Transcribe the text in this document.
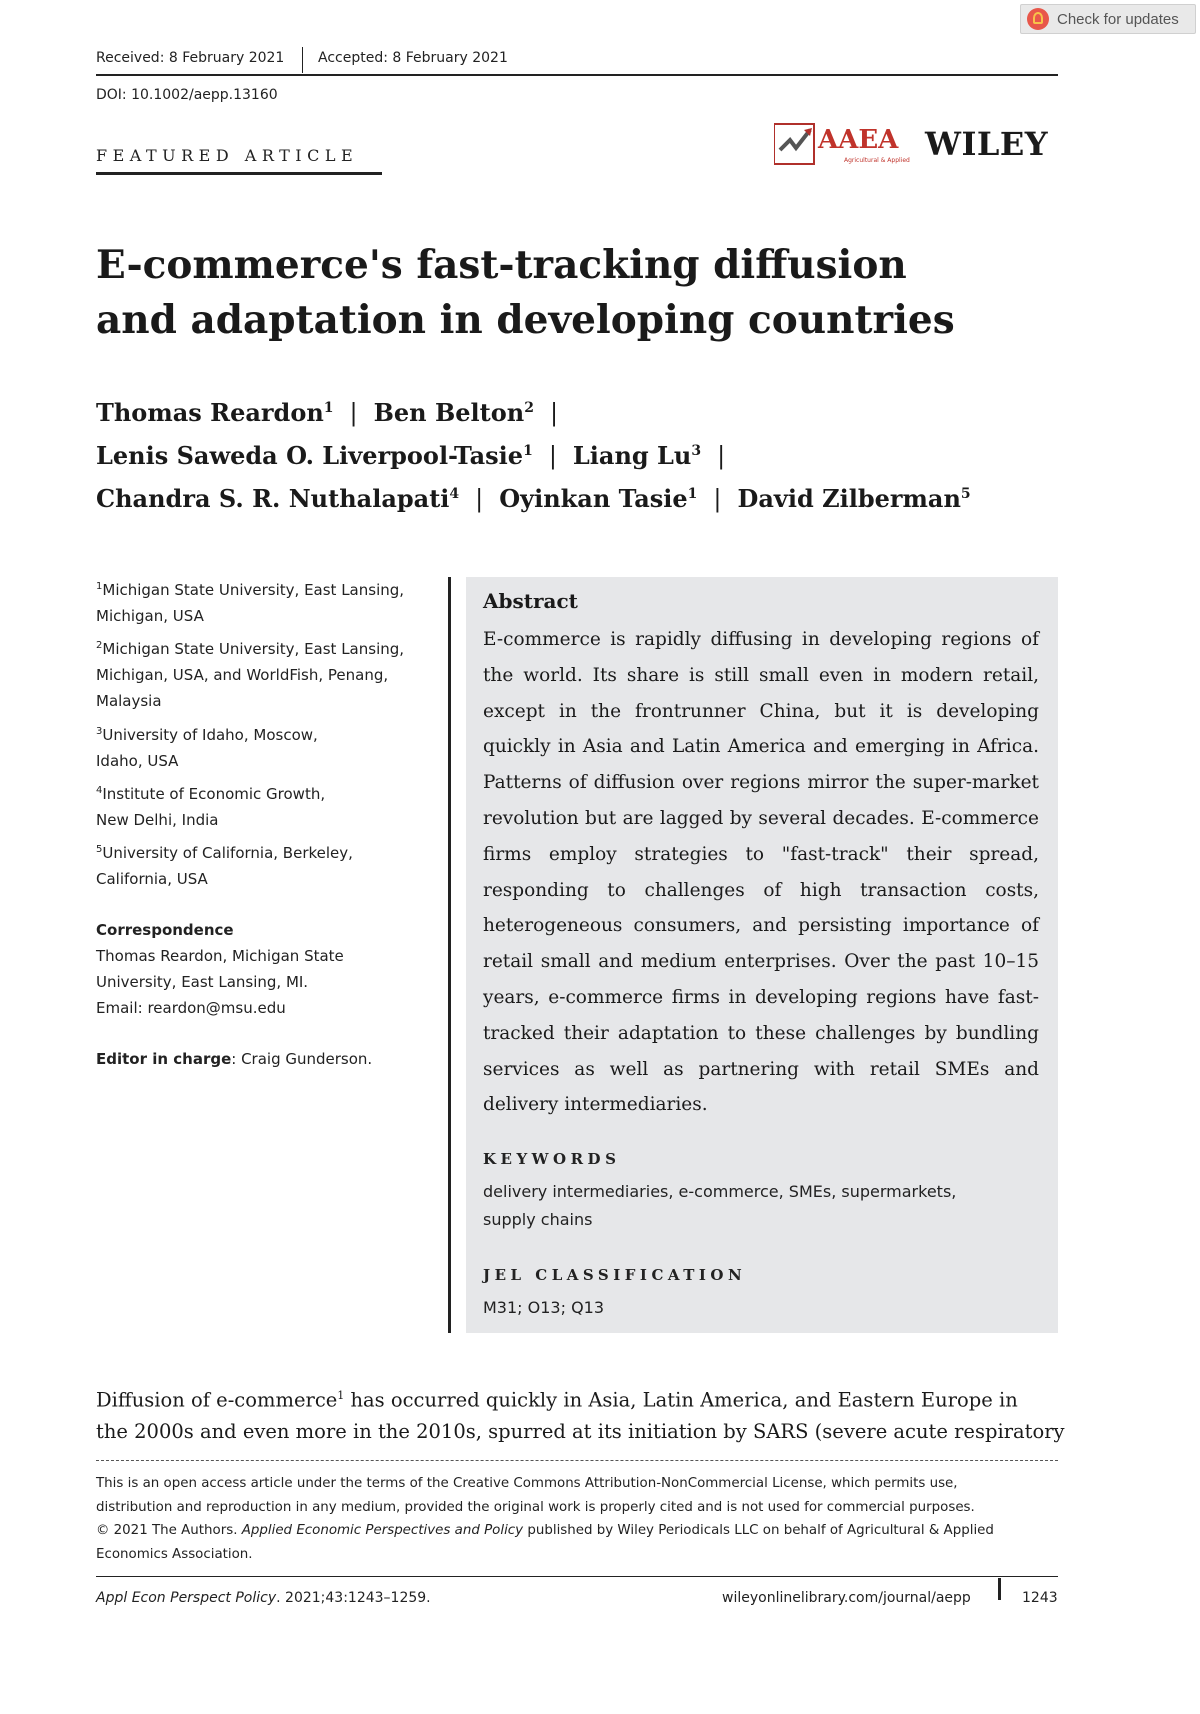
Check for updates
Received: 8 February 2021 Accepted: 8 February 2021
DOI: 10.1002/aepp.13160
FEATURED ARTICLE
AAEA
Agricultural & Applied WILEY
E-commerce's fast-tracking diffusion
and adaptation in developing countries
Thomas Reardon$^1$ | Ben Belton$^2$ |
Lenis Saweda O. Liverpool-Tasie$^1$ | Liang Lu$^3$ |
Chandra S. R. Nuthalapati$^4$ | Oyinkan Tasie$^1$ | David Zilberman$^5$
$^1$Michigan State University, East Lansing,
Michigan, USA
$^2$Michigan State University, East Lansing,
Michigan, USA, and WorldFish, Penang,
Malaysia
$^3$University of Idaho, Moscow,
Idaho, USA
$^4$Institute of Economic Growth,
New Delhi, India
$^5$University of California, Berkeley,
California, USA
Correspondence
Thomas Reardon, Michigan State
University, East Lansing, MI.
Email: reardon@msu.edu
Editor in charge: Craig Gunderson.
Abstract
E-commerce is rapidly diffusing in developing regions of the world. Its share is still small even in modern retail, except in the frontrunner China, but it is developing quickly in Asia and Latin America and emerging in Africa. Patterns of diffusion over regions mirror the super-market revolution but are lagged by several decades. E-commerce firms employ strategies to "fast-track" their spread, responding to challenges of high transaction costs, heterogeneous consumers, and persisting importance of retail small and medium enterprises. Over the past 10–15 years, e-commerce firms in developing regions have fast-tracked their adaptation to these challenges by bundling services as well as partnering with retail SMEs and delivery intermediaries.
KEYWORDS
delivery intermediaries, e-commerce, SMEs, supermarkets,
supply chains
JEL CLASSIFICATION
M31; O13; Q13
Diffusion of e-commerce$^1$ has occurred quickly in Asia, Latin America, and Eastern Europe in
the 2000s and even more in the 2010s, spurred at its initiation by SARS (severe acute respiratory
This is an open access article under the terms of the Creative Commons Attribution-NonCommercial License, which permits use,
distribution and reproduction in any medium, provided the original work is properly cited and is not used for commercial purposes.
© 2021 The Authors. Applied Economic Perspectives and Policy published by Wiley Periodicals LLC on behalf of Agricultural & Applied
Economics Association.
Appl Econ Perspect Policy. 2021;43:1243–1259.	wileyonlinelibrary.com/journal/aepp	1243
